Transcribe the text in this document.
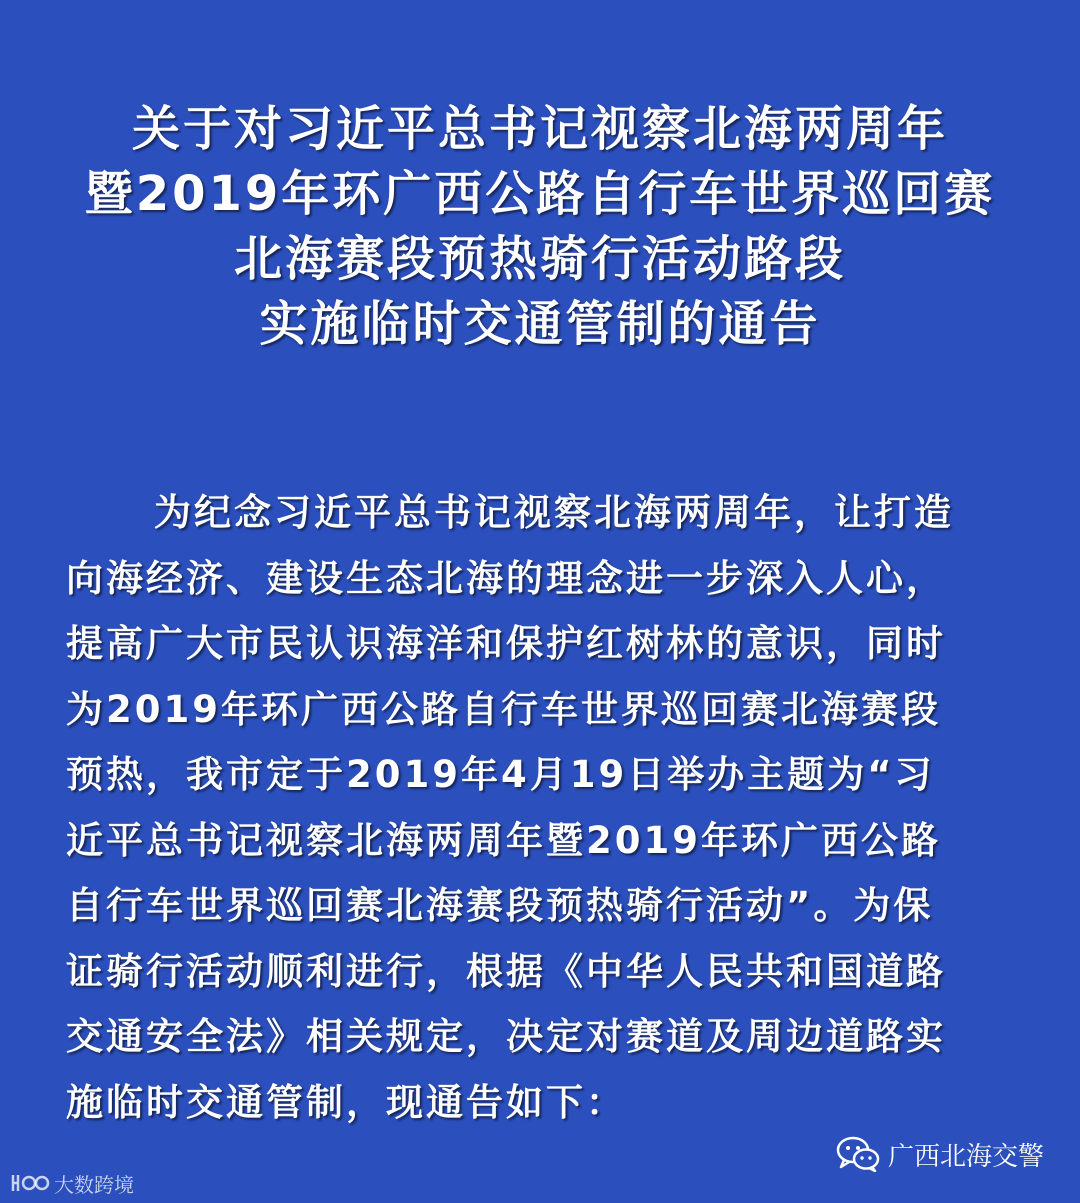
关于对习近平总书记视察北海两周年
暨2019年环广西公路自行车世界巡回赛
北海赛段预热骑行活动路段
实施临时交通管制的通告
为纪念习近平总书记视察北海两周年，让打造
向海经济、建设生态北海的理念进一步深入人心，
提高广大市民认识海洋和保护红树林的意识，同时
为2019年环广西公路自行车世界巡回赛北海赛段
预热，我市定于2019年4月19日举办主题为“习
近平总书记视察北海两周年暨2019年环广西公路
自行车世界巡回赛北海赛段预热骑行活动”。为保
证骑行活动顺利进行，根据《中华人民共和国道路
交通安全法》相关规定，决定对赛道及周边道路实
施临时交通管制，现通告如下：
广西北海交警
大数跨境
